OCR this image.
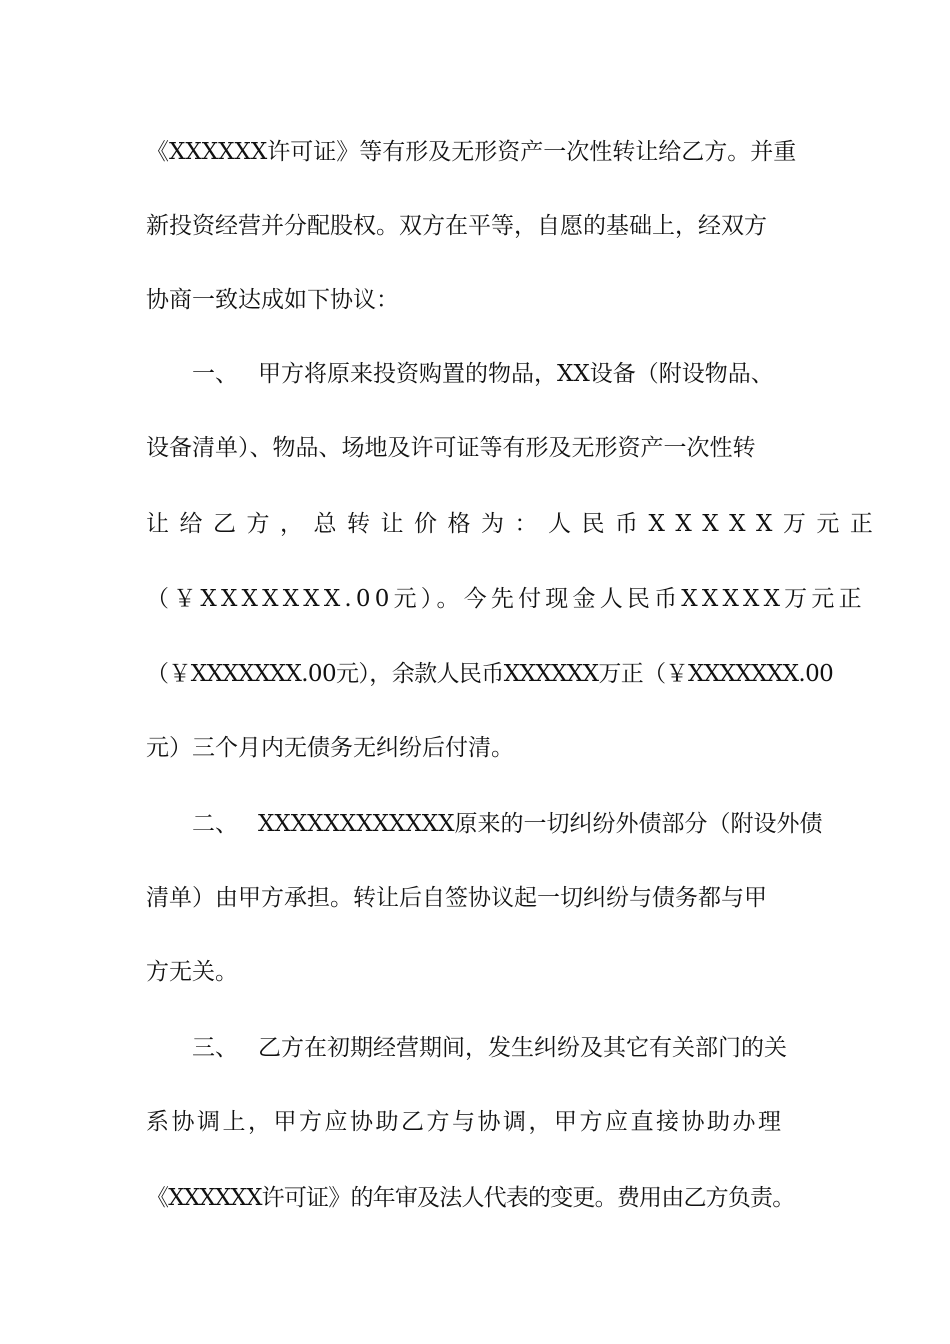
《XXXXXX许可证》等有形及无形资产一次性转让给乙方。并重
新投资经营并分配股权。双方在平等，自愿的基础上，经双方
协商一致达成如下协议：
一、 甲方将原来投资购置的物品，XX设备（附设物品、
设备清单）、物品、场地及许可证等有形及无形资产一次性转
让给乙方，总转让价格为：人民币XXXXX万元正
（￥XXXXXXX.00元）。今先付现金人民币XXXXX万元正
（￥XXXXXXX.00元），余款人民币XXXXXX万正（￥XXXXXXX.00
元）三个月内无债务无纠纷后付清。
二、 XXXXXXXXXXXX原来的一切纠纷外债部分（附设外债
清单）由甲方承担。转让后自签协议起一切纠纷与债务都与甲
方无关。
三、 乙方在初期经营期间，发生纠纷及其它有关部门的关
系协调上，甲方应协助乙方与协调，甲方应直接协助办理
《XXXXXX许可证》的年审及法人代表的变更。费用由乙方负责。
